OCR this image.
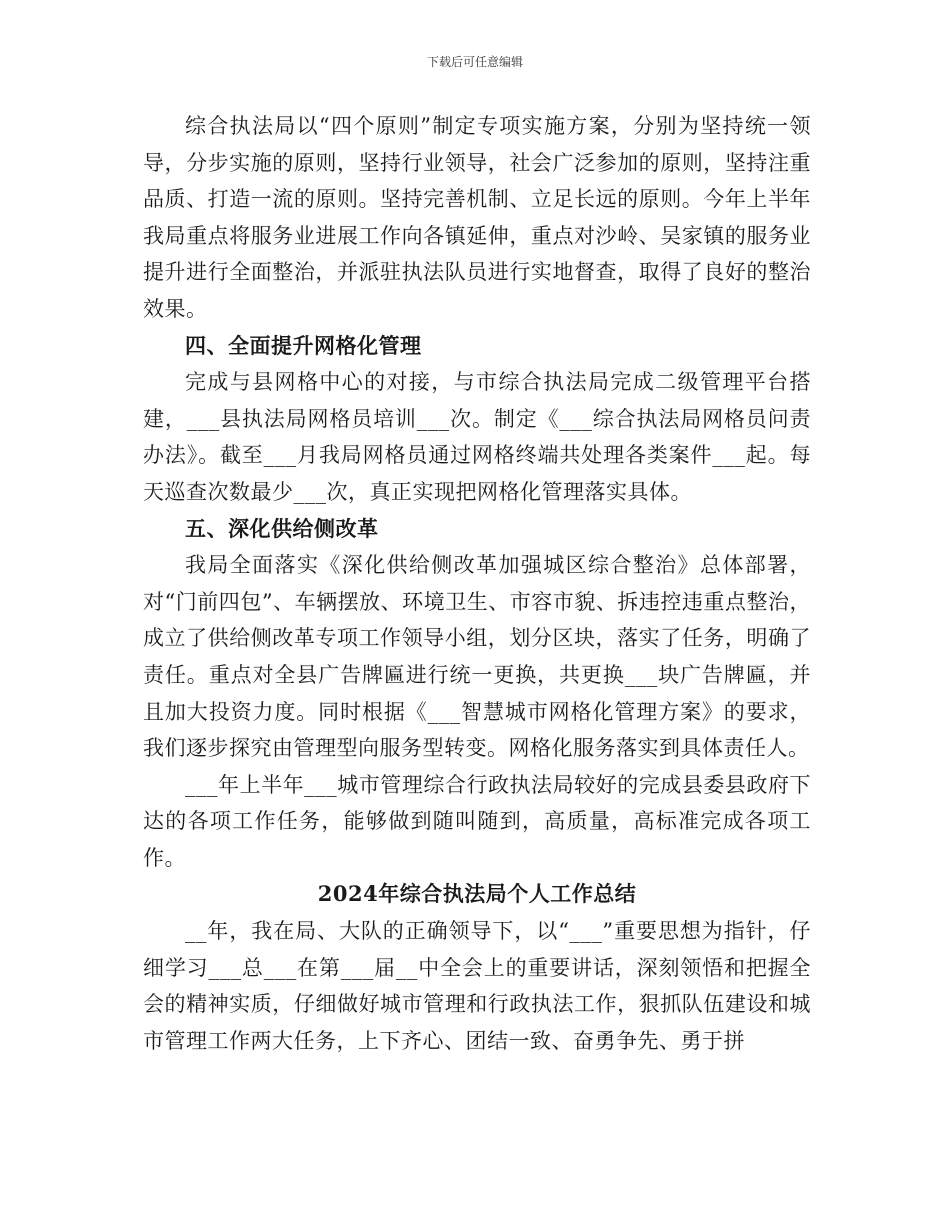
下载后可任意编辑

综合执法局以“四个原则”制定专项实施方案，分别为坚持统一领导，分步实施的原则，坚持行业领导，社会广泛参加的原则，坚持注重品质、打造一流的原则。坚持完善机制、立足长远的原则。今年上半年我局重点将服务业进展工作向各镇延伸，重点对沙岭、吴家镇的服务业提升进行全面整治，并派驻执法队员进行实地督查，取得了良好的整治效果。

四、全面提升网格化管理

完成与县网格中心的对接，与市综合执法局完成二级管理平台搭建，___县执法局网格员培训___次。制定《___综合执法局网格员问责办法》。截至___月我局网格员通过网格终端共处理各类案件___起。每天巡查次数最少___次，真正实现把网格化管理落实具体。

五、深化供给侧改革

我局全面落实《深化供给侧改革加强城区综合整治》总体部署，对“门前四包”、车辆摆放、环境卫生、市容市貌、拆违控违重点整治，成立了供给侧改革专项工作领导小组，划分区块，落实了任务，明确了责任。重点对全县广告牌匾进行统一更换，共更换___块广告牌匾，并且加大投资力度。同时根据《___智慧城市网格化管理方案》的要求，我们逐步探究由管理型向服务型转变。网格化服务落实到具体责任人。

___年上半年___城市管理综合行政执法局较好的完成县委县政府下达的各项工作任务，能够做到随叫随到，高质量，高标准完成各项工作。

2024年综合执法局个人工作总结

__年，我在局、大队的正确领导下，以“___”重要思想为指针，仔细学习___总___在第___届__中全会上的重要讲话，深刻领悟和把握全会的精神实质，仔细做好城市管理和行政执法工作，狠抓队伍建设和城市管理工作两大任务，上下齐心、团结一致、奋勇争先、勇于拼
